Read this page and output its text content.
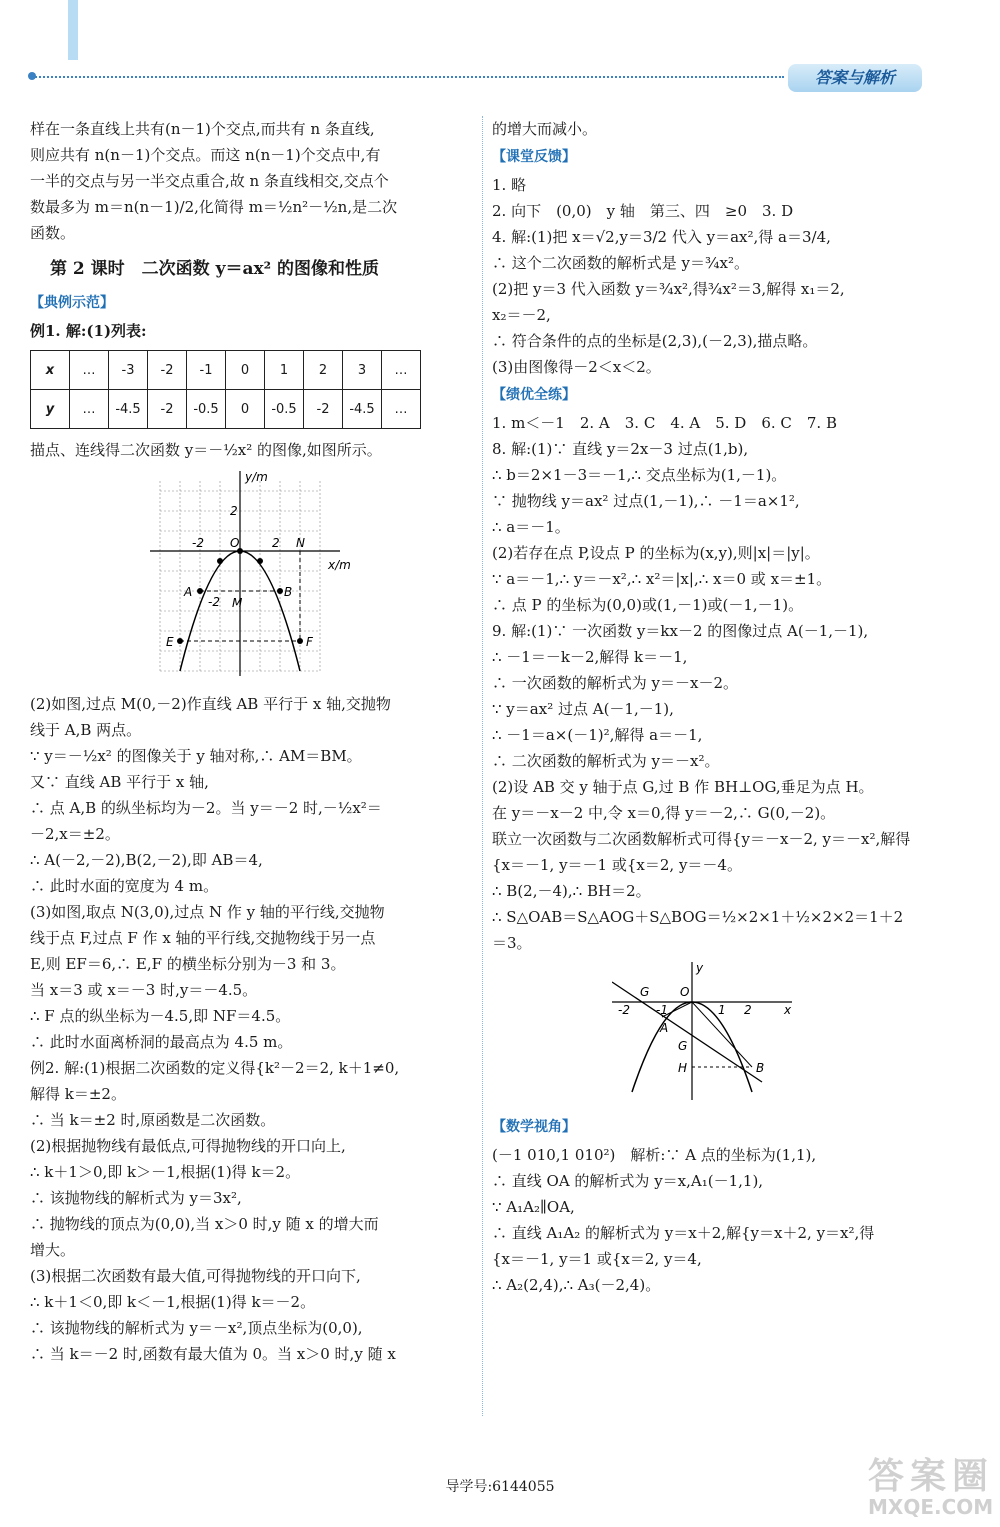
答案与解析

样在一条直线上共有(n－1)个交点,而共有 n 条直线,

则应共有 n(n－1)个交点。而这 n(n－1)个交点中,有

一半的交点与另一半交点重合,故 n 条直线相交,交点个

数最多为 m＝n(n－1)/2,化简得 m＝½n²－½n,是二次

函数。

第 2 课时　二次函数 y＝ax² 的图像和性质

【典例示范】

例1. 解:(1)列表:

x	…	-3	-2	-1	0	1	2	3	…
y	…	-4.5	-2	-0.5	0	-0.5	-2	-4.5	…

描点、连线得二次函数 y＝－½x² 的图像,如图所示。

y/m
x/m
-2	2
2
-2
O	N
A	B
M
E	F

(2)如图,过点 M(0,－2)作直线 AB 平行于 x 轴,交抛物

线于 A,B 两点。

∵ y＝－½x² 的图像关于 y 轴对称,∴ AM＝BM。

又∵ 直线 AB 平行于 x 轴,

∴ 点 A,B 的纵坐标均为－2。当 y＝－2 时,－½x²＝

－2,x＝±2。

∴ A(－2,－2),B(2,－2),即 AB＝4,

∴ 此时水面的宽度为 4 m。

(3)如图,取点 N(3,0),过点 N 作 y 轴的平行线,交抛物

线于点 F,过点 F 作 x 轴的平行线,交抛物线于另一点

E,则 EF＝6,∴ E,F 的横坐标分别为－3 和 3。

当 x＝3 或 x＝－3 时,y＝－4.5。

∴ F 点的纵坐标为－4.5,即 NF＝4.5。

∴ 此时水面离桥洞的最高点为 4.5 m。

例2. 解:(1)根据二次函数的定义得{k²－2＝2, k＋1≠0,

解得 k＝±2。

∴ 当 k＝±2 时,原函数是二次函数。

(2)根据抛物线有最低点,可得抛物线的开口向上,

∴ k＋1＞0,即 k＞－1,根据(1)得 k＝2。

∴ 该抛物线的解析式为 y＝3x²,

∴ 抛物线的顶点为(0,0),当 x＞0 时,y 随 x 的增大而

增大。

(3)根据二次函数有最大值,可得抛物线的开口向下,

∴ k＋1＜0,即 k＜－1,根据(1)得 k＝－2。

∴ 该抛物线的解析式为 y＝－x²,顶点坐标为(0,0),

∴ 当 k＝－2 时,函数有最大值为 0。当 x＞0 时,y 随 x

的增大而减小。

【课堂反馈】

1. 略

2. 向下　(0,0)　y 轴　第三、四　≥0　3. D

4. 解:(1)把 x＝√2,y＝3/2 代入 y＝ax²,得 a＝3/4,

∴ 这个二次函数的解析式是 y＝¾x²。

(2)把 y＝3 代入函数 y＝¾x²,得¾x²＝3,解得 x₁＝2,

x₂＝－2,

∴ 符合条件的点的坐标是(2,3),(－2,3),描点略。

(3)由图像得－2＜x＜2。

【绩优全练】

1. m＜－1　2. A　3. C　4. A　5. D　6. C　7. B

8. 解:(1)∵ 直线 y＝2x－3 过点(1,b),

∴ b＝2×1－3＝－1,∴ 交点坐标为(1,－1)。

∵ 抛物线 y＝ax² 过点(1,－1),∴ －1＝a×1²,

∴ a＝－1。

(2)若存在点 P,设点 P 的坐标为(x,y),则|x|＝|y|。

∵ a＝－1,∴ y＝－x²,∴ x²＝|x|,∴ x＝0 或 x＝±1。

∴ 点 P 的坐标为(0,0)或(1,－1)或(－1,－1)。

9. 解:(1)∵ 一次函数 y＝kx－2 的图像过点 A(－1,－1),

∴ －1＝－k－2,解得 k＝－1,

∴ 一次函数的解析式为 y＝－x－2。

∵ y＝ax² 过点 A(－1,－1),

∴ －1＝a×(－1)²,解得 a＝－1,

∴ 二次函数的解析式为 y＝－x²。

(2)设 AB 交 y 轴于点 G,过 B 作 BH⊥OG,垂足为点 H。

在 y＝－x－2 中,令 x＝0,得 y＝－2,∴ G(0,－2)。

联立一次函数与二次函数解析式可得{y＝－x－2, y＝－x²,解得

{x＝－1, y＝－1 或{x＝2, y＝－4。

∴ B(2,－4),∴ BH＝2。

∴ S△OAB＝S△AOG＋S△BOG＝½×2×1＋½×2×2＝1＋2

＝3。

y
G	O
-2 -1	1 2	x
A
G
H	B

【数学视角】

(－1 010,1 010²)　解析:∵ A 点的坐标为(1,1),

∴ 直线 OA 的解析式为 y＝x,A₁(－1,1),

∵ A₁A₂∥OA,

∴ 直线 A₁A₂ 的解析式为 y＝x＋2,解{y＝x＋2, y＝x²,得

{x＝－1, y＝1 或{x＝2, y＝4,

∴ A₂(2,4),∴ A₃(－2,4)。

导学号:6144055	答案圈
MXQE.COM
